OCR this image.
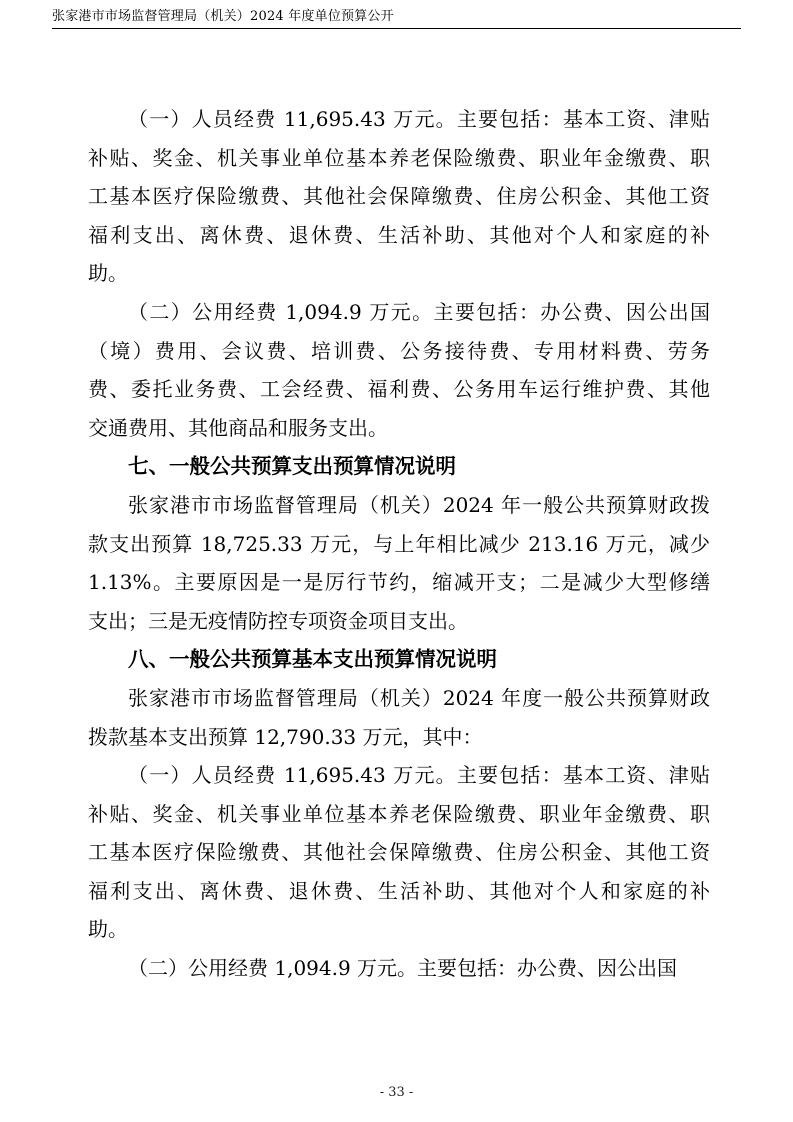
张家港市市场监督管理局（机关）2024 年度单位预算公开

（一）人员经费 11,695.43 万元。主要包括：基本工资、津贴

补贴、奖金、机关事业单位基本养老保险缴费、职业年金缴费、职

工基本医疗保险缴费、其他社会保障缴费、住房公积金、其他工资

福利支出、离休费、退休费、生活补助、其他对个人和家庭的补

助。

（二）公用经费 1,094.9 万元。主要包括：办公费、因公出国

（境）费用、会议费、培训费、公务接待费、专用材料费、劳务

费、委托业务费、工会经费、福利费、公务用车运行维护费、其他

交通费用、其他商品和服务支出。

七、一般公共预算支出预算情况说明

张家港市市场监督管理局（机关）2024 年一般公共预算财政拨

款支出预算 18,725.33 万元，与上年相比减少 213.16 万元，减少

1.13%。主要原因是一是厉行节约，缩减开支；二是减少大型修缮

支出；三是无疫情防控专项资金项目支出。

八、一般公共预算基本支出预算情况说明

张家港市市场监督管理局（机关）2024 年度一般公共预算财政

拨款基本支出预算 12,790.33 万元，其中：

（一）人员经费 11,695.43 万元。主要包括：基本工资、津贴

补贴、奖金、机关事业单位基本养老保险缴费、职业年金缴费、职

工基本医疗保险缴费、其他社会保障缴费、住房公积金、其他工资

福利支出、离休费、退休费、生活补助、其他对个人和家庭的补

助。

（二）公用经费 1,094.9 万元。主要包括：办公费、因公出国

- 33 -
